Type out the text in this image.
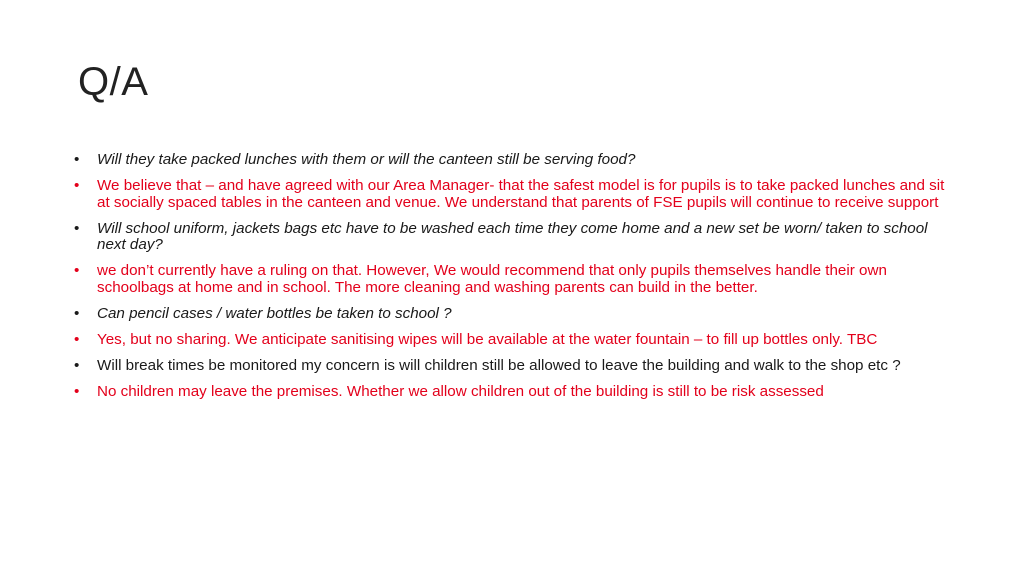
Q/A
• Will they take packed lunches with them or will the canteen still be serving food?
• We believe that – and have agreed with our Area Manager- that the safest model is for pupils is to take packed lunches and sit at socially spaced tables in the canteen and venue. We understand that parents of FSE pupils will continue to receive support
• Will school uniform, jackets bags etc have to be washed each time they come home and a new set be worn/ taken to school next day?
• we don’t currently have a ruling on that. However, We would recommend that only pupils themselves handle their own schoolbags at home and in school. The more cleaning and washing parents can build in the better.
• Can pencil cases / water bottles be taken to school ?
• Yes, but no sharing. We anticipate sanitising wipes will be available at the water fountain – to fill up bottles only. TBC
• Will break times be monitored my concern is will children still be allowed to leave the building and walk to the shop etc ?
• No children may leave the premises. Whether we allow children out of the building is still to be risk assessed
